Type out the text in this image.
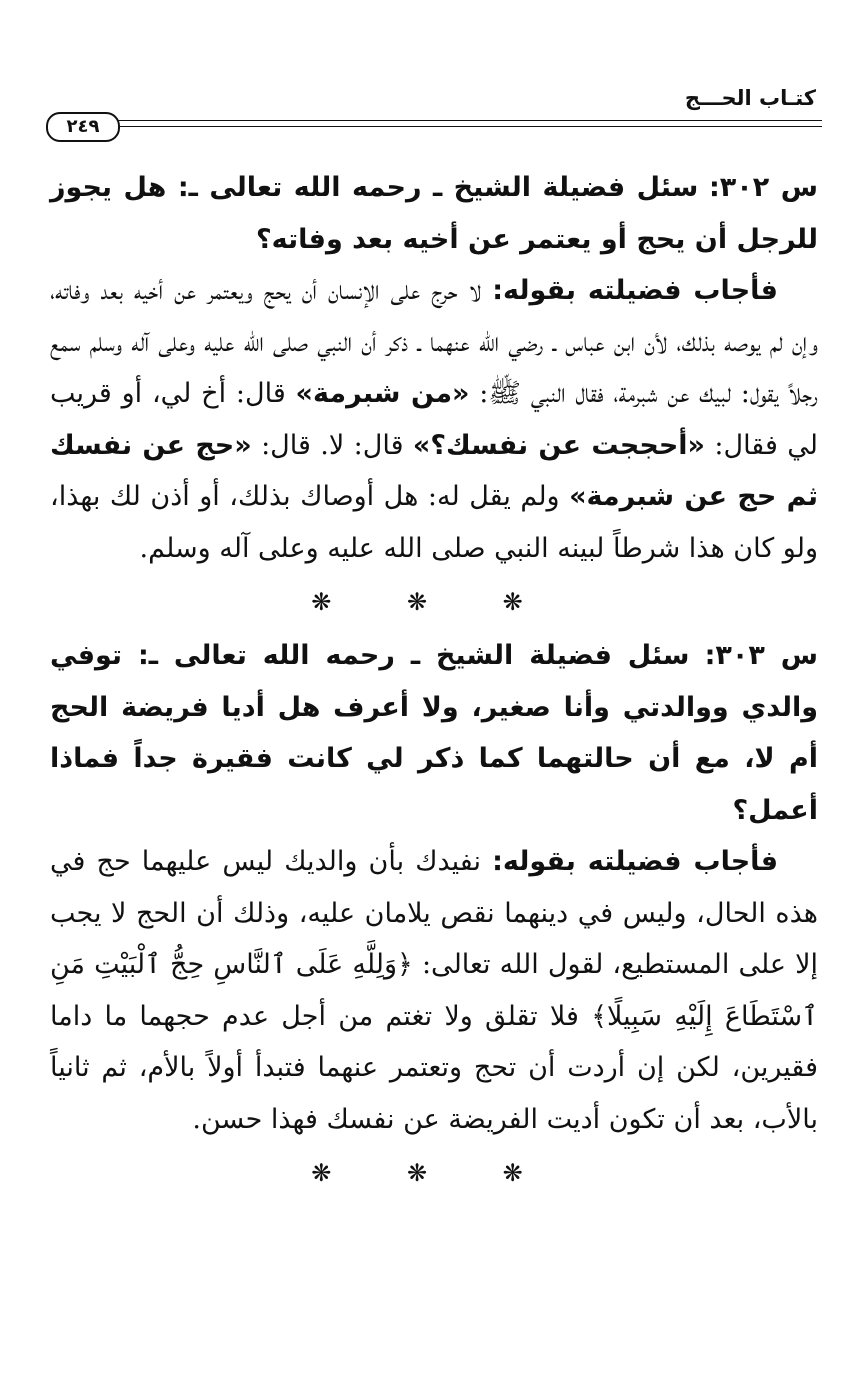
كتـاب الحـــج
٢٤٩

س ٣٠٢: سئل فضيلة الشيخ ـ رحمه الله تعالى ـ: هل يجوز للرجل أن يحج أو يعتمر عن أخيه بعد وفاته؟

فأجاب فضيلته بقوله: لا حرج على الإنسان أن يحج ويعتمر عن أخيه بعد وفاته، وإن لم يوصه بذلك، لأن ابن عباس ـ رضي الله عنهما ـ ذكر أن النبي صلى الله عليه وعلى آله وسلم سمع رجلاً يقول: لبيك عن شبرمة، فقال النبي ﷺ: «من شبرمة» قال: أخ لي، أو قريب لي فقال: «أحججت عن نفسك؟» قال: لا. قال: «حج عن نفسك ثم حج عن شبرمة» ولم يقل له: هل أوصاك بذلك، أو أذن لك بهذا، ولو كان هذا شرطاً لبينه النبي صلى الله عليه وعلى آله وسلم.

❋ ❋ ❋

س ٣٠٣: سئل فضيلة الشيخ ـ رحمه الله تعالى ـ: توفي والدي ووالدتي وأنا صغير، ولا أعرف هل أديا فريضة الحج أم لا، مع أن حالتهما كما ذكر لي كانت فقيرة جداً فماذا أعمل؟

فأجاب فضيلته بقوله: نفيدك بأن والديك ليس عليهما حج في هذه الحال، وليس في دينهما نقص يلامان عليه، وذلك أن الحج لا يجب إلا على المستطيع، لقول الله تعالى: ﴿وَلِلَّهِ عَلَى ٱلنَّاسِ حِجُّ ٱلْبَيْتِ مَنِ ٱسْتَطَاعَ إِلَيْهِ سَبِيلًا﴾ فلا تقلق ولا تغتم من أجل عدم حجهما ما داما فقيرين، لكن إن أردت أن تحج وتعتمر عنهما فتبدأ أولاً بالأم، ثم ثانياً بالأب، بعد أن تكون أديت الفريضة عن نفسك فهذا حسن.

❋ ❋ ❋
